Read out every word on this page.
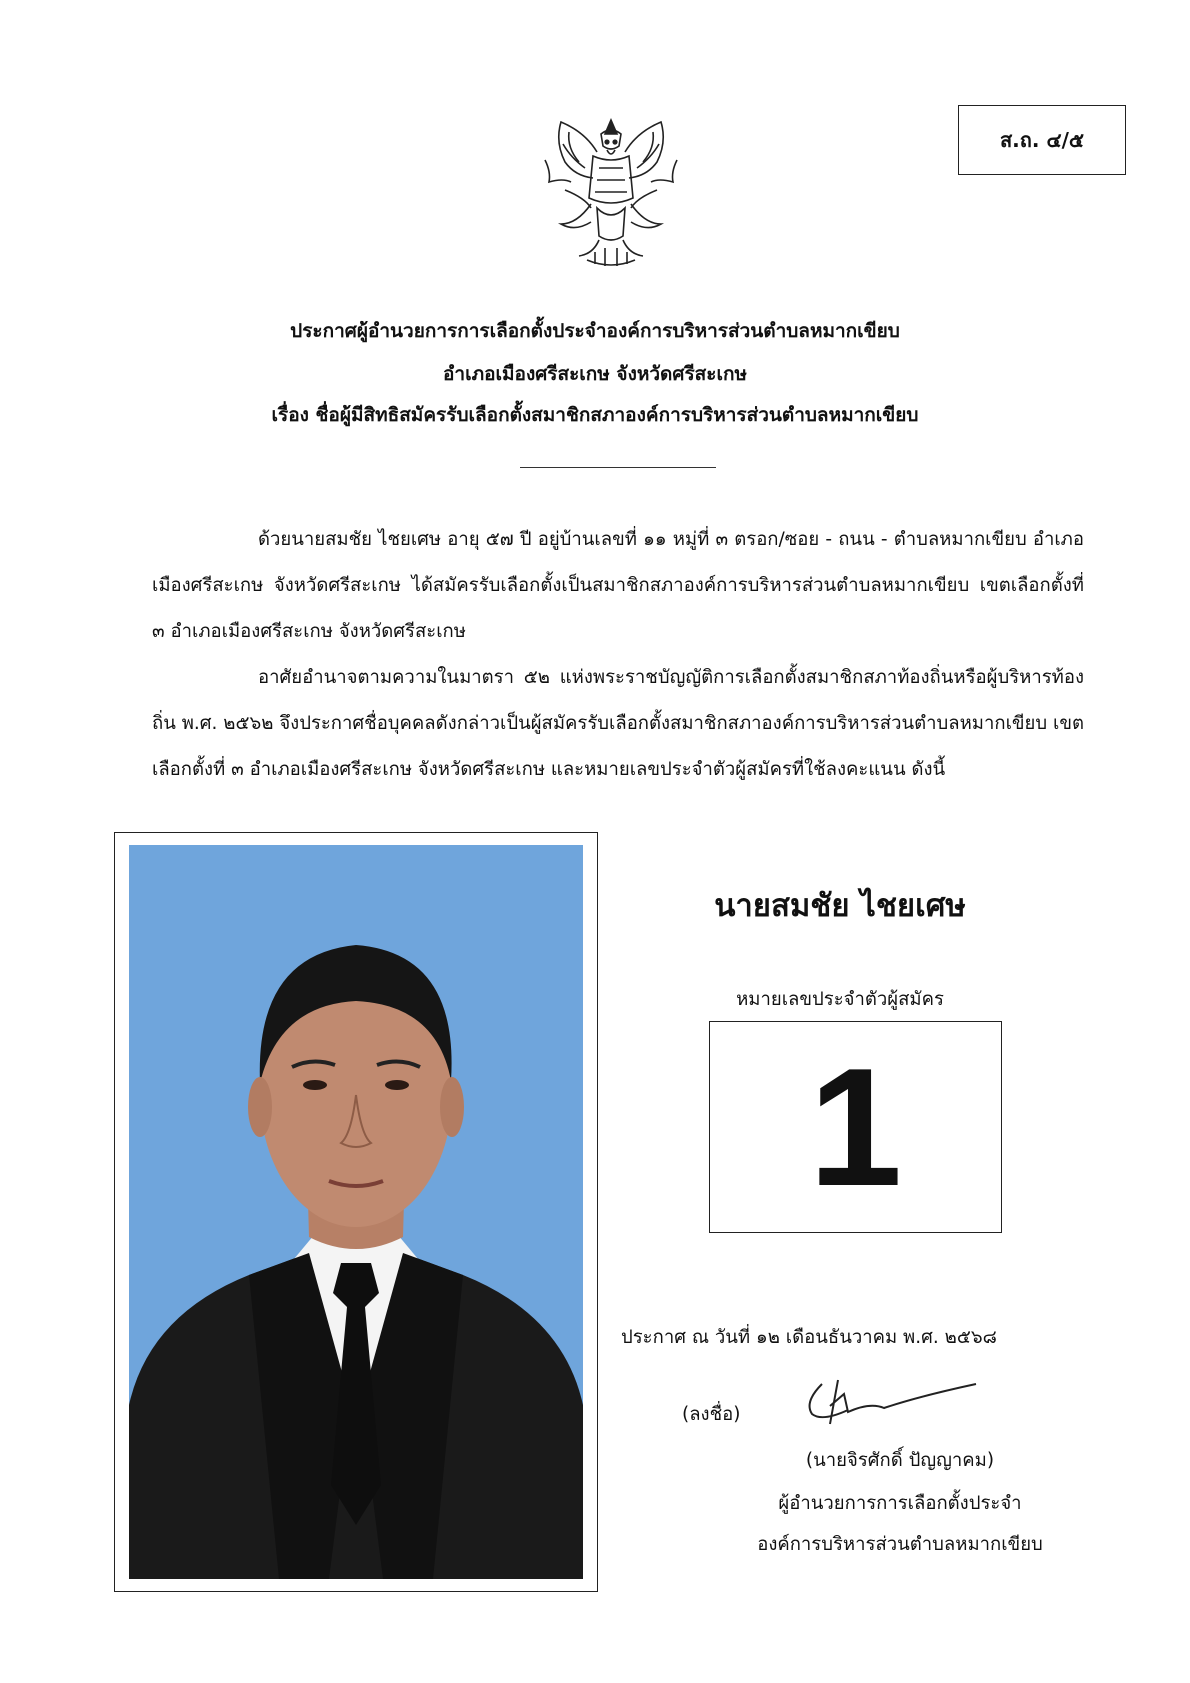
ส.ถ. ๔/๕
ประกาศผู้อำนวยการการเลือกตั้งประจำองค์การบริหารส่วนตำบลหมากเขียบ
อำเภอเมืองศรีสะเกษ จังหวัดศรีสะเกษ
เรื่อง ชื่อผู้มีสิทธิสมัครรับเลือกตั้งสมาชิกสภาองค์การบริหารส่วนตำบลหมากเขียบ
ด้วยนายสมชัย ไชยเศษ อายุ ๕๗ ปี อยู่บ้านเลขที่ ๑๑ หมู่ที่ ๓ ตรอก/ซอย - ถนน - ตำบลหมากเขียบ อำเภอเมืองศรีสะเกษ จังหวัดศรีสะเกษ ได้สมัครรับเลือกตั้งเป็นสมาชิกสภาองค์การบริหารส่วนตำบลหมากเขียบ เขตเลือกตั้งที่ ๓ อำเภอเมืองศรีสะเกษ จังหวัดศรีสะเกษ
อาศัยอำนาจตามความในมาตรา ๕๒ แห่งพระราชบัญญัติการเลือกตั้งสมาชิกสภาท้องถิ่นหรือผู้บริหารท้องถิ่น พ.ศ. ๒๕๖๒ จึงประกาศชื่อบุคคลดังกล่าวเป็นผู้สมัครรับเลือกตั้งสมาชิกสภาองค์การบริหารส่วนตำบลหมากเขียบ เขตเลือกตั้งที่ ๓ อำเภอเมืองศรีสะเกษ จังหวัดศรีสะเกษ และหมายเลขประจำตัวผู้สมัครที่ใช้ลงคะแนน ดังนี้
นายสมชัย ไชยเศษ
หมายเลขประจำตัวผู้สมัคร
1
ประกาศ ณ วันที่ ๑๒ เดือนธันวาคม พ.ศ. ๒๕๖๘
(ลงชื่อ)
(นายจิรศักดิ์ ปัญญาคม)
ผู้อำนวยการการเลือกตั้งประจำ
องค์การบริหารส่วนตำบลหมากเขียบ
